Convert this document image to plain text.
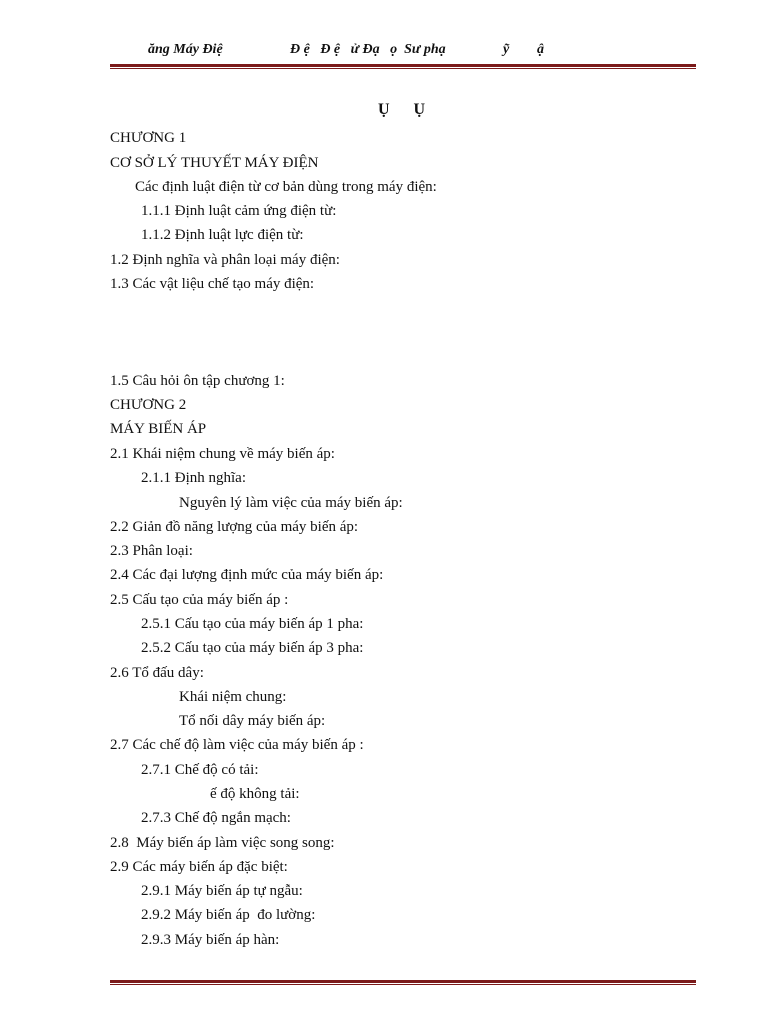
ăng Máy Điệ	Đ ệ   Đ ệ   ử Đạ   ọ  Sư phạ	ỹ ậ
Ụ      Ụ
CHƯƠNG 1
CƠ SỞ LÝ THUYẾT MÁY ĐIỆN
Các định luật điện từ cơ bản dùng trong máy điện:
1.1.1 Định luật cảm ứng điện từ:
1.1.2 Định luật lực điện từ:
1.2 Định nghĩa và phân loại máy điện:
1.3 Các vật liệu chế tạo máy điện:
1.5 Câu hỏi ôn tập chương 1:
CHƯƠNG 2
MÁY BIẾN ÁP
2.1 Khái niệm chung về máy biến áp:
2.1.1 Định nghĩa:
Nguyên lý làm việc của máy biến áp:
2.2 Giản đồ năng lượng của máy biến áp:
2.3 Phân loại:
2.4 Các đại lượng định mức của máy biến áp:
2.5 Cấu tạo của máy biến áp :
2.5.1 Cấu tạo của máy biến áp 1 pha:
2.5.2 Cấu tạo của máy biến áp 3 pha:
2.6 Tổ đấu dây:
Khái niệm chung:
Tổ nối dây máy biến áp:
2.7 Các chế độ làm việc của máy biến áp :
2.7.1 Chế độ có tải:
ế độ không tải:
2.7.3 Chế độ ngắn mạch:
2.8  Máy biến áp làm việc song song:
2.9 Các máy biến áp đặc biệt:
2.9.1 Máy biến áp tự ngẫu:
2.9.2 Máy biến áp  đo lường:
2.9.3 Máy biến áp hàn:
